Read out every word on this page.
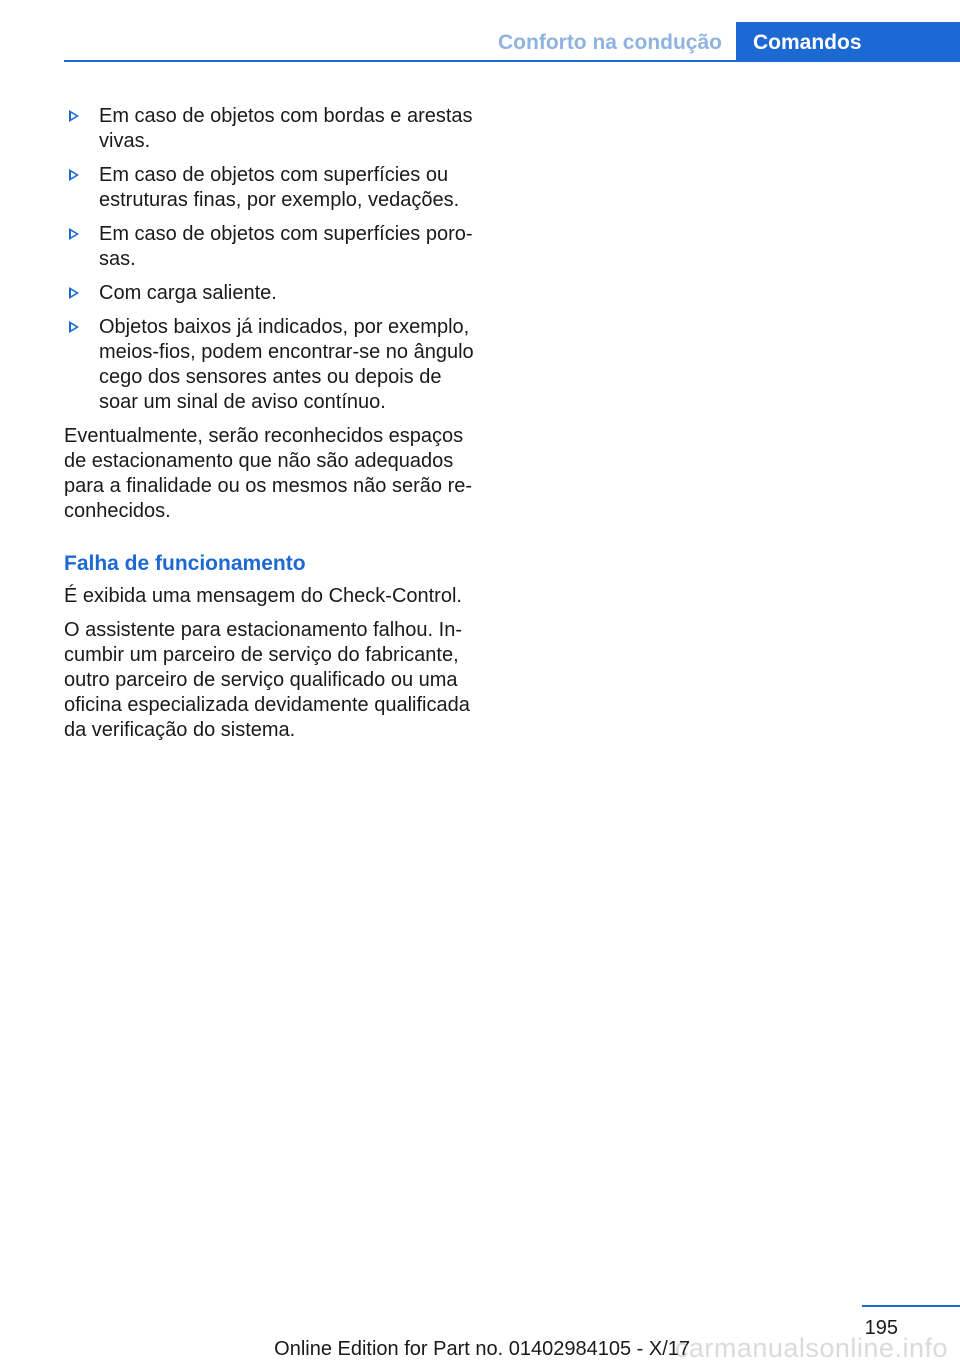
Conforto na condução	Comandos
Em caso de objetos com bordas e arestas vivas.
Em caso de objetos com superfícies ou estruturas finas, por exemplo, vedações.
Em caso de objetos com superfícies porosas.
Com carga saliente.
Objetos baixos já indicados, por exemplo, meios-fios, podem encontrar-se no ângulo cego dos sensores antes ou depois de soar um sinal de aviso contínuo.

Eventualmente, serão reconhecidos espaços de estacionamento que não são adequados para a finalidade ou os mesmos não serão reconhecidos.

Falha de funcionamento

É exibida uma mensagem do Check-Control.

O assistente para estacionamento falhou. Incumbir um parceiro de serviço do fabricante, outro parceiro de serviço qualificado ou uma oficina especializada devidamente qualificada da verificação do sistema.

195
Online Edition for Part no. 01402984105 - X/17
carmanualsonline.info
